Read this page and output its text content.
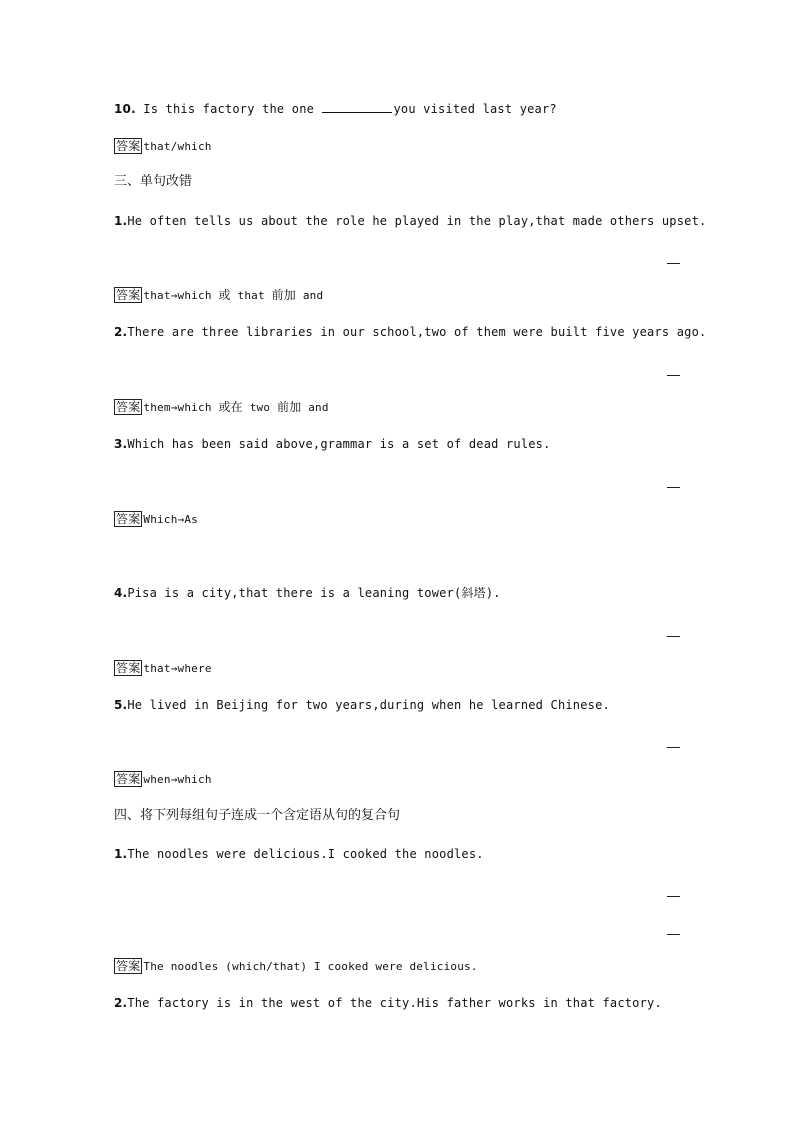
10. Is this factory the one	you visited last year?
答案 that/which
三、单句改错
1.He often tells us about the role he played in the play,that made others upset.
答案 that→which 或 that 前加 and
2.There are three libraries in our school,two of them were built five years ago.
答案 them→which 或在 two 前加 and
3.Which has been said above,grammar is a set of dead rules.
答案 Which→As
4.Pisa is a city,that there is a leaning tower(斜塔).
答案 that→where
5.He lived in Beijing for two years,during when he learned Chinese.
答案 when→which
四、将下列每组句子连成一个含定语从句的复合句
1.The noodles were delicious.I cooked the noodles.
答案 The noodles (which/that) I cooked were delicious.
2.The factory is in the west of the city.His father works in that factory.
